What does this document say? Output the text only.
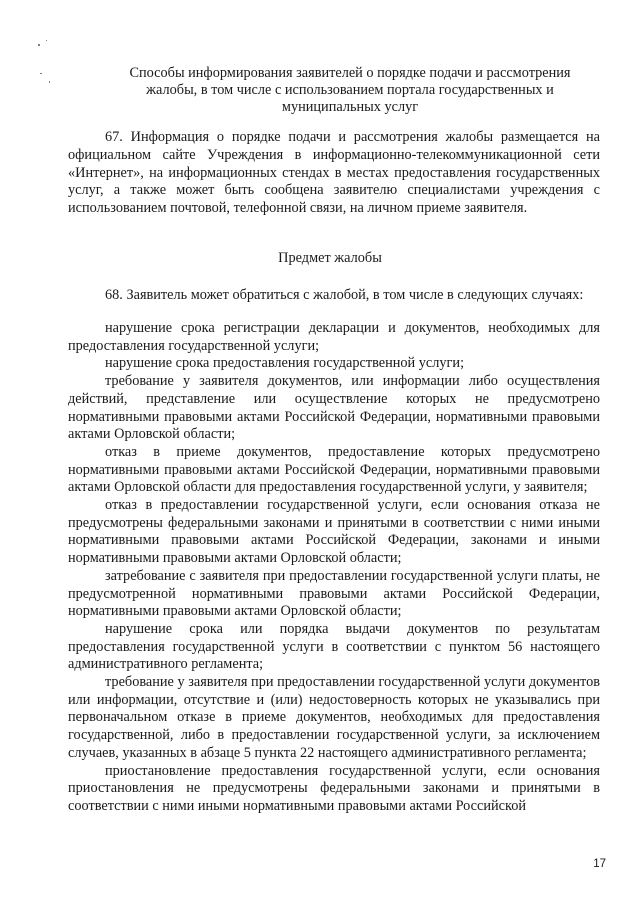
Способы информирования заявителей о порядке подачи и рассмотрения
жалобы, в том числе с использованием портала государственных и
муниципальных услуг

67. Информация о порядке подачи и рассмотрения жалобы размещается на официальном сайте Учреждения в информационно-телекоммуникационной сети «Интернет», на информационных стендах в местах предоставления государственных услуг, а также может быть сообщена заявителю специалистами учреждения с использованием почтовой, телефонной связи, на личном приеме заявителя.

Предмет жалобы

68. Заявитель может обратиться с жалобой, в том числе в следующих случаях:

нарушение срока регистрации декларации и документов, необходимых для предоставления государственной услуги;

нарушение срока предоставления государственной услуги;

требование у заявителя документов, или информации либо осуществления действий, представление или осуществление которых не предусмотрено нормативными правовыми актами Российской Федерации, нормативными правовыми актами Орловской области;

отказ в приеме документов, предоставление которых предусмотрено нормативными правовыми актами Российской Федерации, нормативными правовыми актами Орловской области для предоставления государственной услуги, у заявителя;

отказ в предоставлении государственной услуги, если основания отказа не предусмотрены федеральными законами и принятыми в соответствии с ними иными нормативными правовыми актами Российской Федерации, законами и иными нормативными правовыми актами Орловской области;

затребование с заявителя при предоставлении государственной услуги платы, не предусмотренной нормативными правовыми актами Российской Федерации, нормативными правовыми актами Орловской области;

нарушение срока или порядка выдачи документов по результатам предоставления государственной услуги в соответствии с пунктом 56 настоящего административного регламента;

требование у заявителя при предоставлении государственной услуги документов или информации, отсутствие и (или) недостоверность которых не указывались при первоначальном отказе в приеме документов, необходимых для предоставления государственной, либо в предоставлении государственной услуги, за исключением случаев, указанных в абзаце 5 пункта 22 настоящего административного регламента;

приостановление предоставления государственной услуги, если основания приостановления не предусмотрены федеральными законами и принятыми в соответствии с ними иными нормативными правовыми актами Российской

17
